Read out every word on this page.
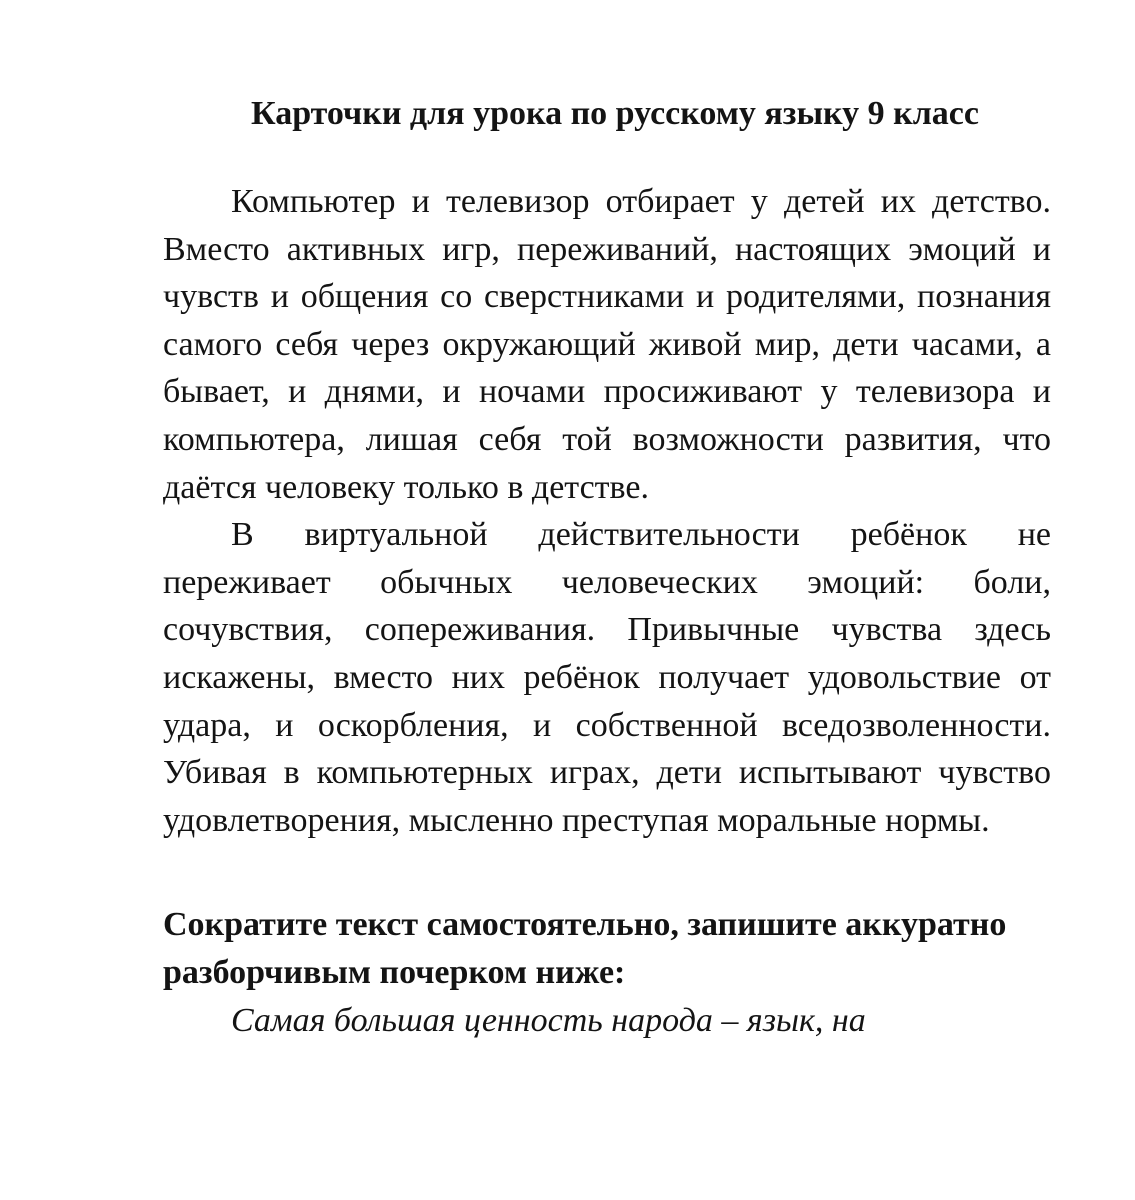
Карточки для урока по русскому языку 9 класс

Компьютер и телевизор отбирает у детей их детство. Вместо активных игр, переживаний, настоящих эмоций и чувств и общения со сверстниками и родителями, познания самого себя через окружающий живой мир, дети часами, а бывает, и днями, и ночами просиживают у телевизора и компьютера, лишая себя той возможности развития, что даётся человеку только в детстве.

В виртуальной действительности ребёнок не переживает обычных человеческих эмоций: боли, сочувствия, сопереживания. Привычные чувства здесь искажены, вместо них ребёнок получает удовольствие от удара, и оскорбления, и собственной вседозволенности. Убивая в компьютерных играх, дети испытывают чувство удовлетворения, мысленно преступая моральные нормы.

Сократите текст самостоятельно, запишите аккуратно разборчивым почерком ниже:

Самая большая ценность народа – язык, на
